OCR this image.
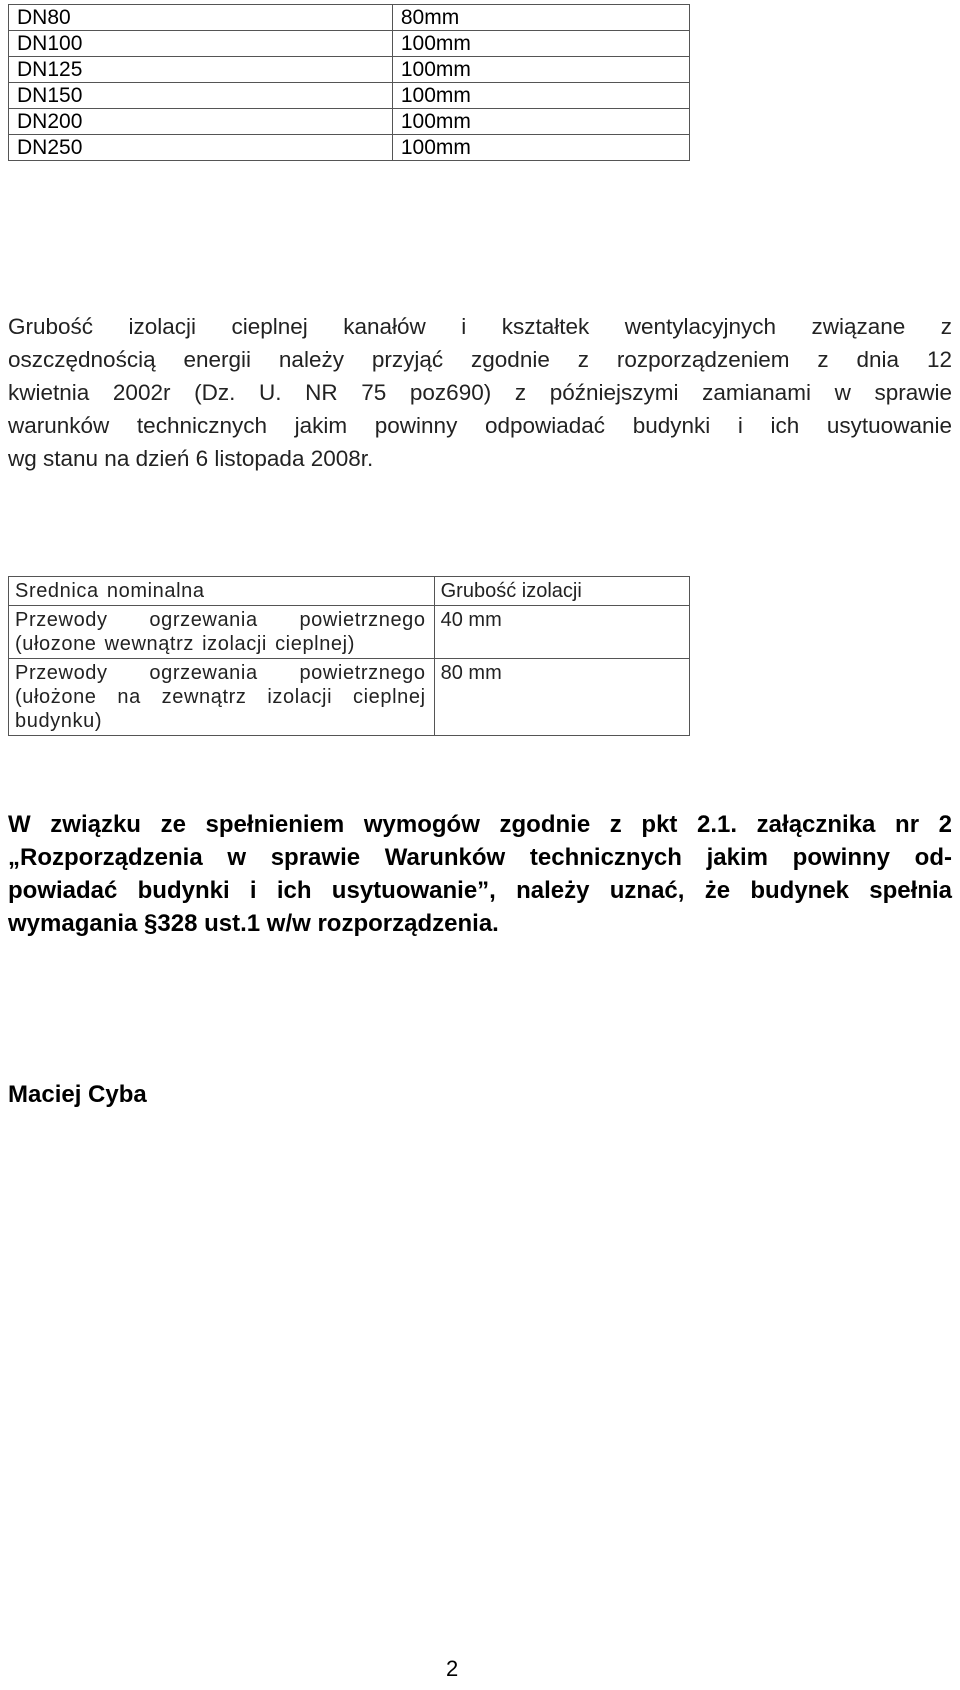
DN80	80mm
DN100	100mm
DN125	100mm
DN150	100mm
DN200	100mm
DN250	100mm
Grubość izolacji cieplnej kanałów i kształtek wentylacyjnych związane z
oszczędnością energii należy przyjąć zgodnie z rozporządzeniem z dnia 12
kwietnia 2002r (Dz. U. NR 75 poz690) z późniejszymi zamianami w sprawie
warunków technicznych jakim powinny odpowiadać budynki i ich usytuowanie
wg stanu na dzień 6 listopada 2008r.
Srednica nominalna	Grubość izolacji
Przewody ogrzewania powietrznego (ułozone wewnątrz izolacji cieplnej)	40 mm
Przewody ogrzewania powietrznego (ułożone na zewnątrz izolacji cieplnej budynku)	80 mm
W związku ze spełnieniem wymogów zgodnie z pkt 2.1. załącznika nr 2
„Rozporządzenia w sprawie Warunków technicznych jakim powinny od-
powiadać budynki i ich usytuowanie”, należy uznać, że budynek spełnia
wymagania §328 ust.1 w/w rozporządzenia.
Maciej Cyba
2
